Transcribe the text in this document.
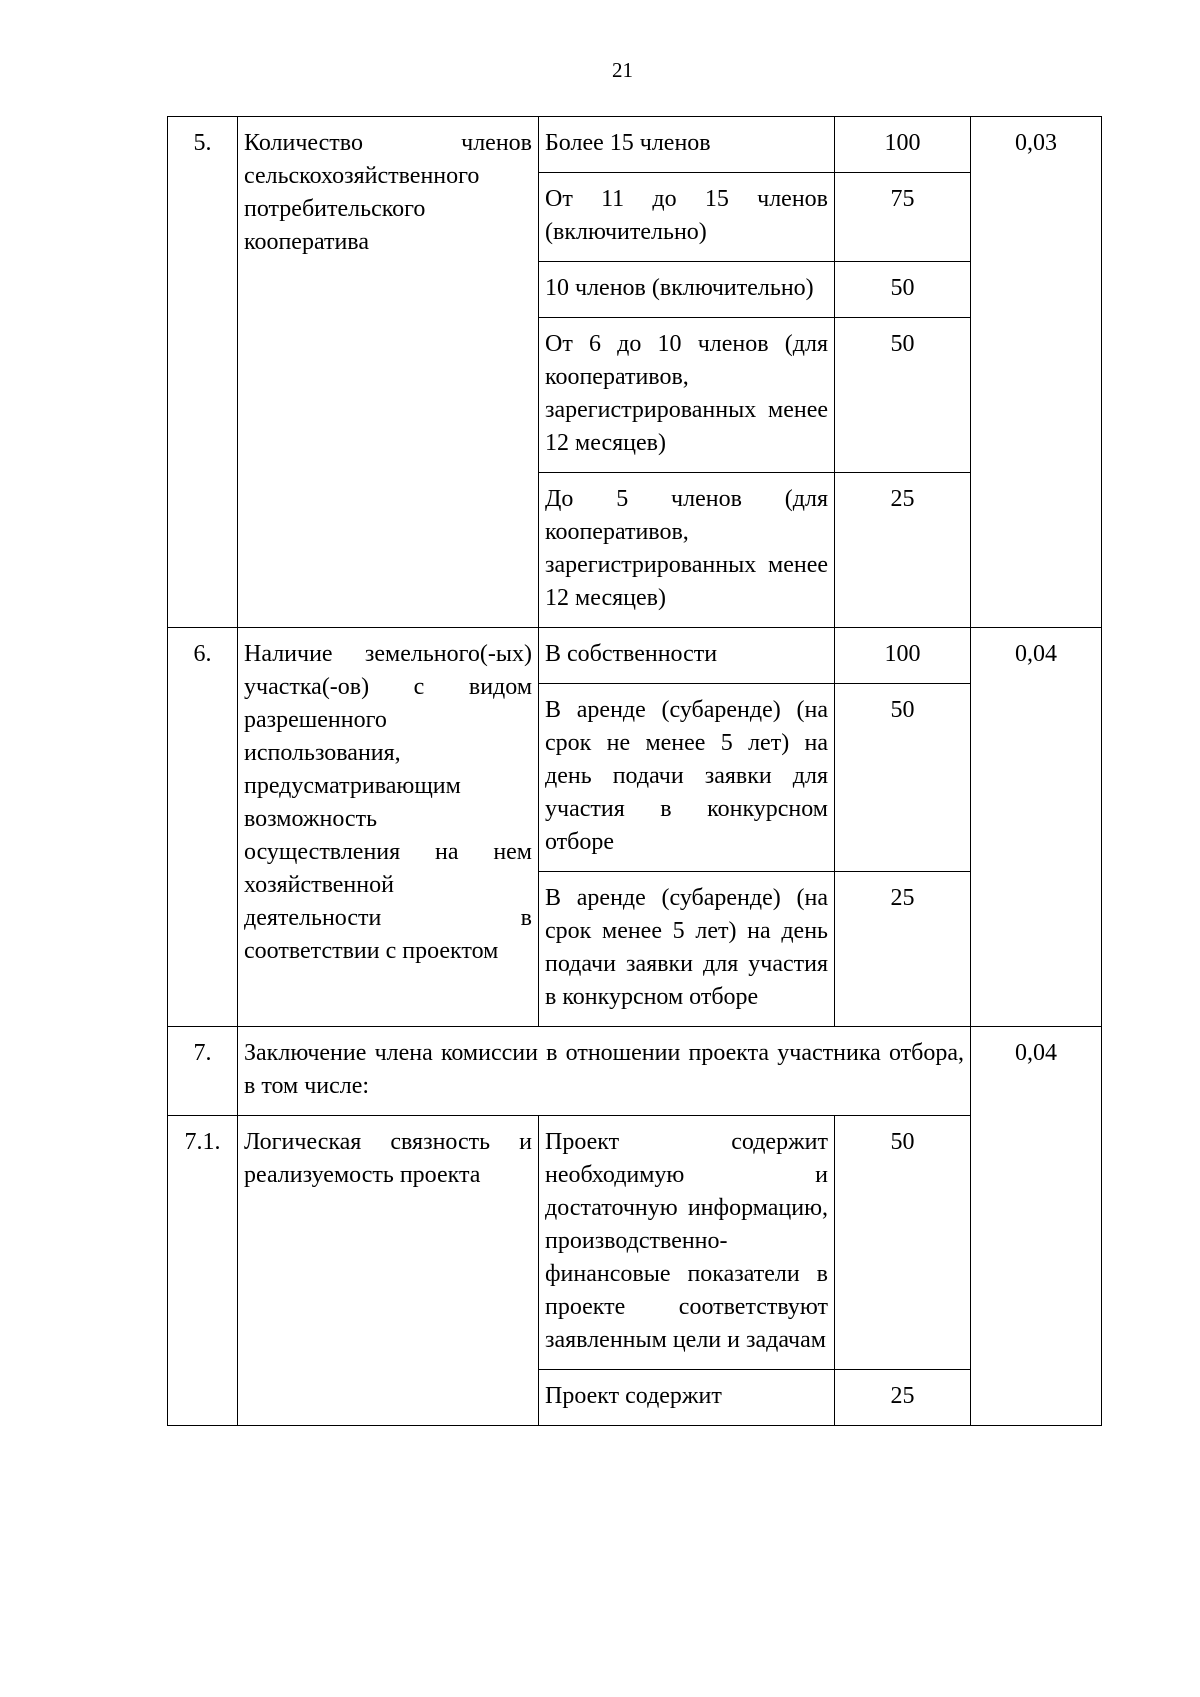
21
5.	Количество членов сельскохозяйственного потребительского кооператива	Более 15 членов	100	0,03
		От 11 до 15 членов (включительно)	75	
		10 членов (включительно)	50	
		От 6 до 10 членов (для кооперативов, зарегистрированных менее 12 месяцев)	50	
		До 5 членов (для кооперативов, зарегистрированных менее 12 месяцев)	25	
6.	Наличие земельного(-ых) участка(-ов) с видом разрешенного использования, предусматривающим возможность осуществления на нем хозяйственной деятельности в соответствии с проектом	В собственности	100	0,04
		В аренде (субаренде) (на срок не менее 5 лет) на день подачи заявки для участия в конкурсном отборе	50	
		В аренде (субаренде) (на срок менее 5 лет) на день подачи заявки для участия в конкурсном отборе	25	
7.	Заключение члена комиссии в отношении проекта участника отбора, в том числе:			0,04
7.1.	Логическая связность и реализуемость проекта	Проект содержит необходимую и достаточную информацию, производственно-финансовые показатели в проекте соответствуют заявленным цели и задачам	50	
		Проект содержит	25	
